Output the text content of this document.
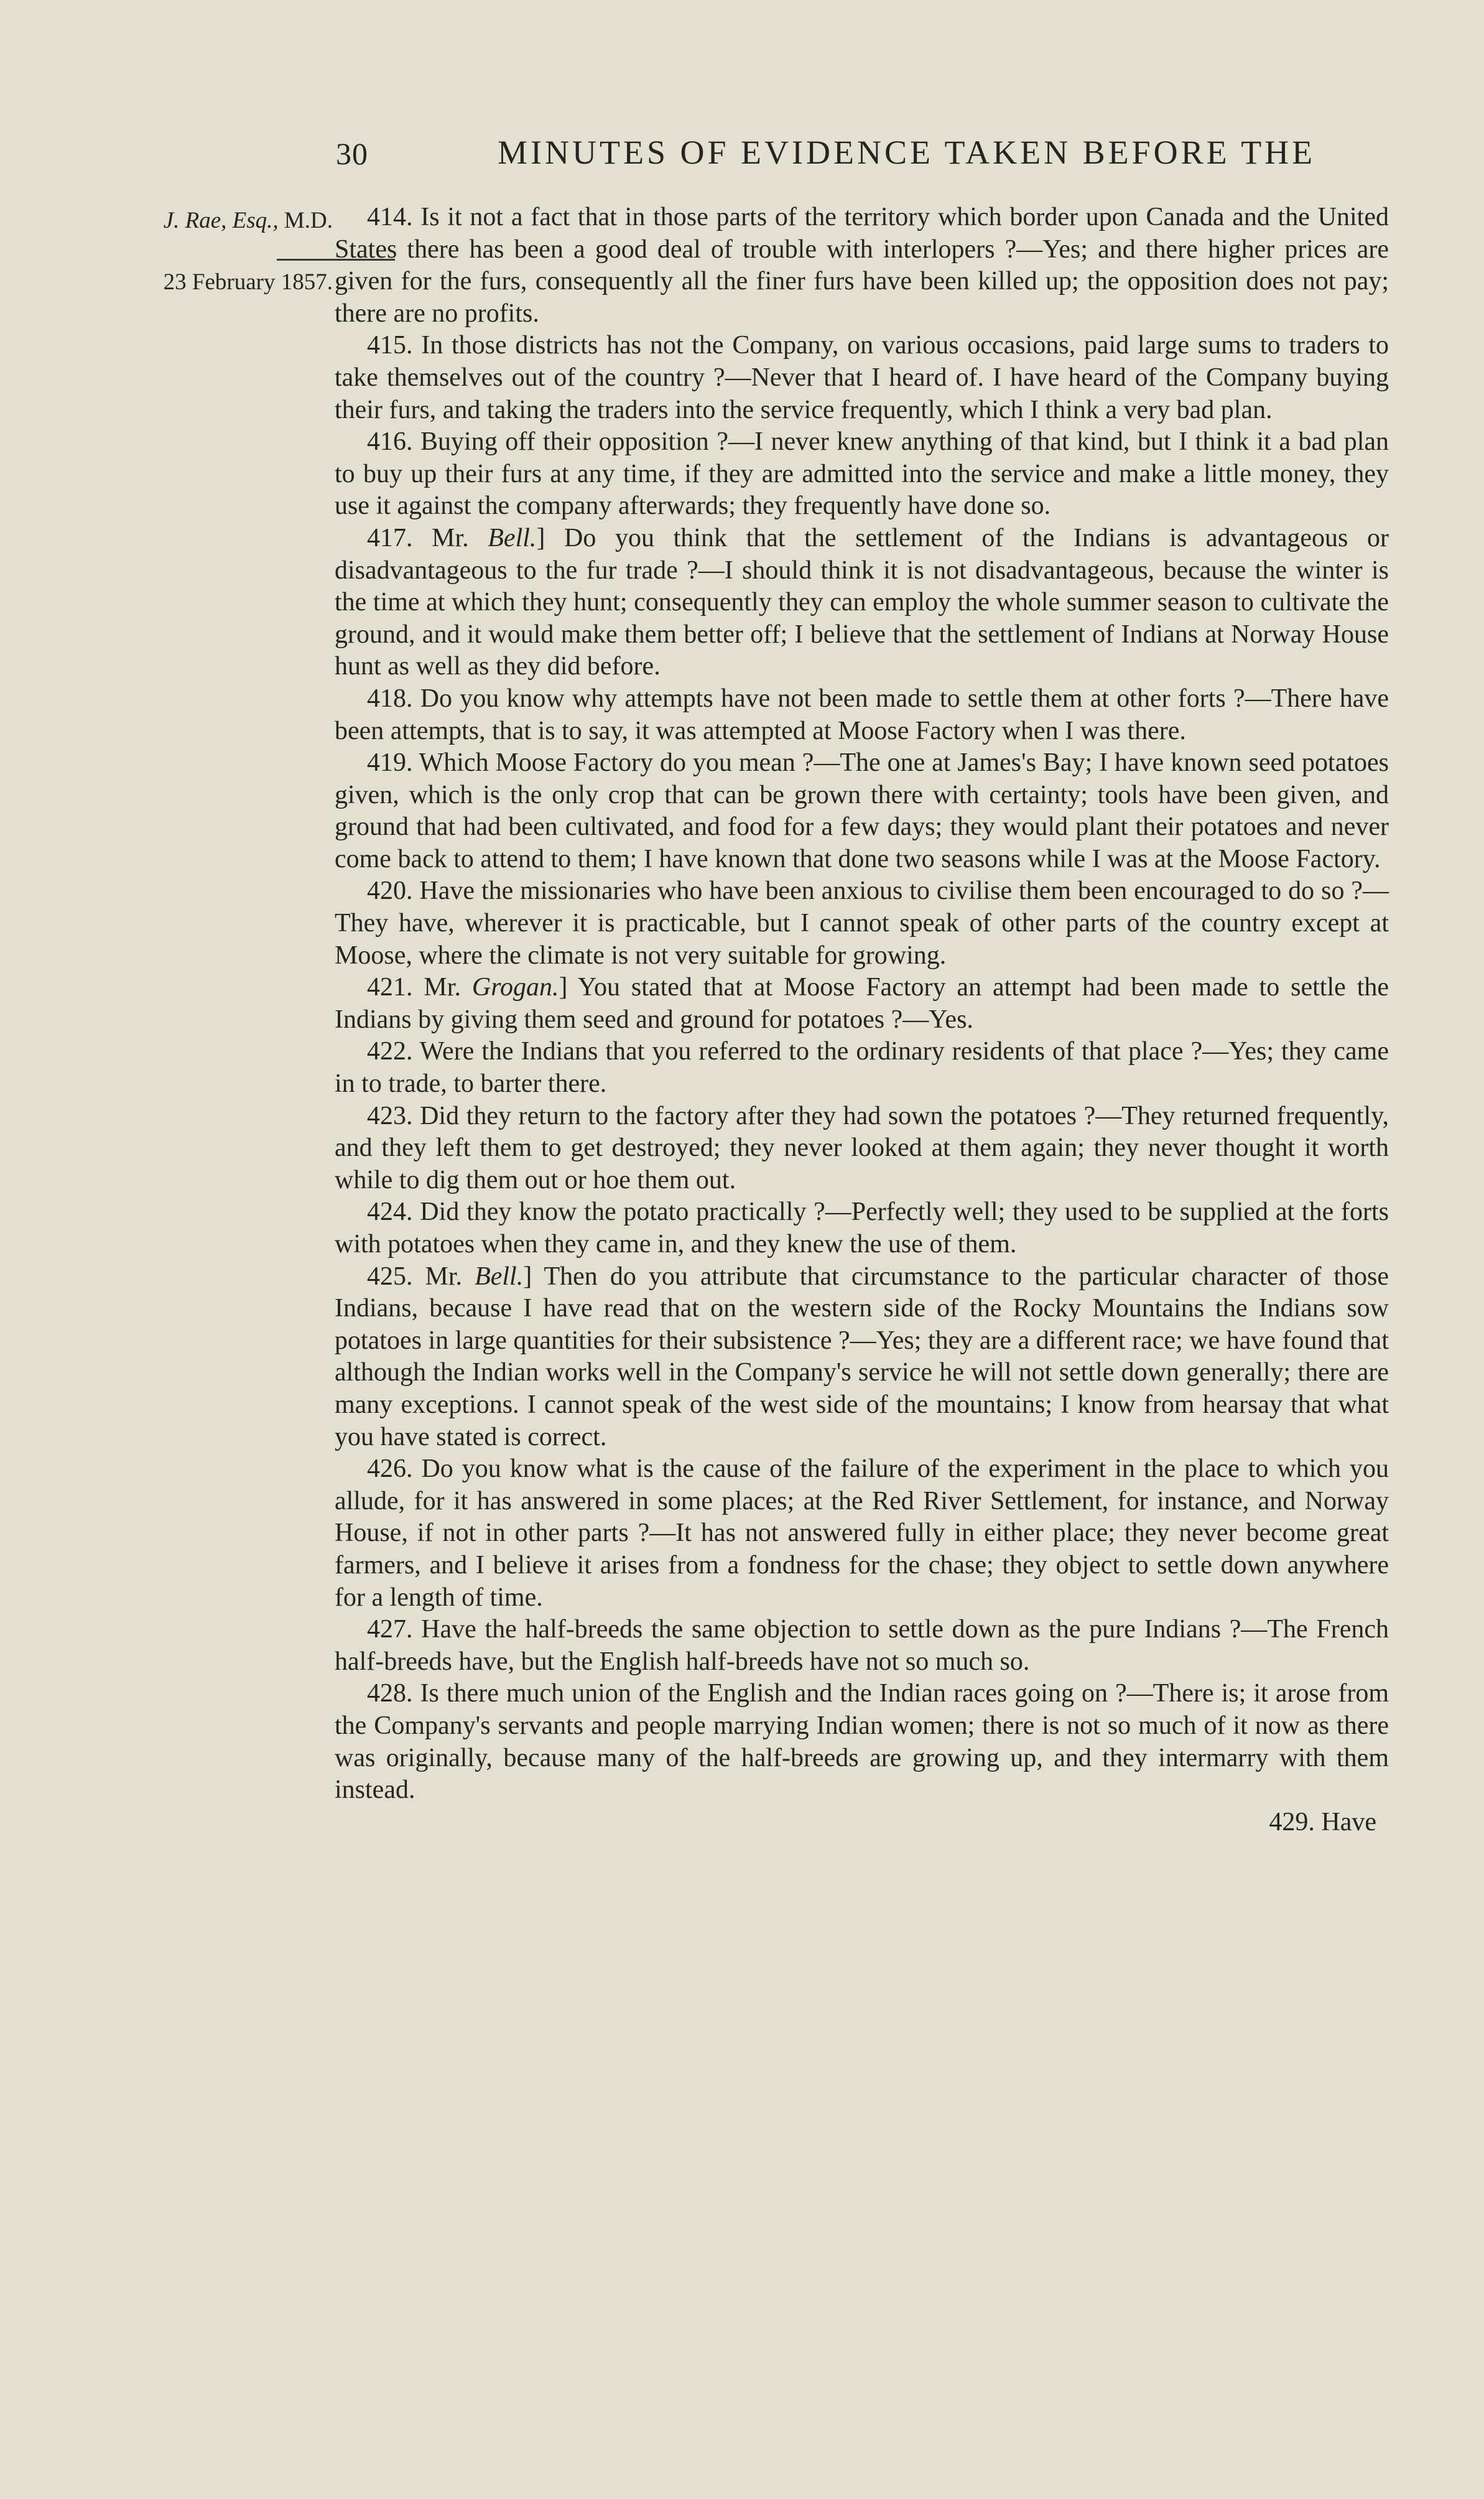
30	MINUTES OF EVIDENCE TAKEN BEFORE THE
J. Rae, Esq., M.D.
23 February 1857.

414. Is it not a fact that in those parts of the territory which border upon Canada and the United States there has been a good deal of trouble with interlopers ?—Yes; and there higher prices are given for the furs, consequently all the finer furs have been killed up; the opposition does not pay; there are no profits.

415. In those districts has not the Company, on various occasions, paid large sums to traders to take themselves out of the country ?—Never that I heard of. I have heard of the Company buying their furs, and taking the traders into the service frequently, which I think a very bad plan.

416. Buying off their opposition ?—I never knew anything of that kind, but I think it a bad plan to buy up their furs at any time, if they are admitted into the service and make a little money, they use it against the company afterwards; they frequently have done so.

417. Mr. Bell.] Do you think that the settlement of the Indians is advantageous or disadvantageous to the fur trade ?—I should think it is not disadvantageous, because the winter is the time at which they hunt; consequently they can employ the whole summer season to cultivate the ground, and it would make them better off; I believe that the settlement of Indians at Norway House hunt as well as they did before.

418. Do you know why attempts have not been made to settle them at other forts ?—There have been attempts, that is to say, it was attempted at Moose Factory when I was there.

419. Which Moose Factory do you mean ?—The one at James's Bay; I have known seed potatoes given, which is the only crop that can be grown there with certainty; tools have been given, and ground that had been cultivated, and food for a few days; they would plant their potatoes and never come back to attend to them; I have known that done two seasons while I was at the Moose Factory.

420. Have the missionaries who have been anxious to civilise them been encouraged to do so ?—They have, wherever it is practicable, but I cannot speak of other parts of the country except at Moose, where the climate is not very suitable for growing.

421. Mr. Grogan.] You stated that at Moose Factory an attempt had been made to settle the Indians by giving them seed and ground for potatoes ?—Yes.

422. Were the Indians that you referred to the ordinary residents of that place ?—Yes; they came in to trade, to barter there.

423. Did they return to the factory after they had sown the potatoes ?—They returned frequently, and they left them to get destroyed; they never looked at them again; they never thought it worth while to dig them out or hoe them out.

424. Did they know the potato practically ?—Perfectly well; they used to be supplied at the forts with potatoes when they came in, and they knew the use of them.

425. Mr. Bell.] Then do you attribute that circumstance to the particular character of those Indians, because I have read that on the western side of the Rocky Mountains the Indians sow potatoes in large quantities for their subsistence ?—Yes; they are a different race; we have found that although the Indian works well in the Company's service he will not settle down generally; there are many exceptions. I cannot speak of the west side of the mountains; I know from hearsay that what you have stated is correct.

426. Do you know what is the cause of the failure of the experiment in the place to which you allude, for it has answered in some places; at the Red River Settlement, for instance, and Norway House, if not in other parts ?—It has not answered fully in either place; they never become great farmers, and I believe it arises from a fondness for the chase; they object to settle down anywhere for a length of time.

427. Have the half-breeds the same objection to settle down as the pure Indians ?—The French half-breeds have, but the English half-breeds have not so much so.

428. Is there much union of the English and the Indian races going on ?—There is; it arose from the Company's servants and people marrying Indian women; there is not so much of it now as there was originally, because many of the half-breeds are growing up, and they intermarry with them instead.

429. Have
